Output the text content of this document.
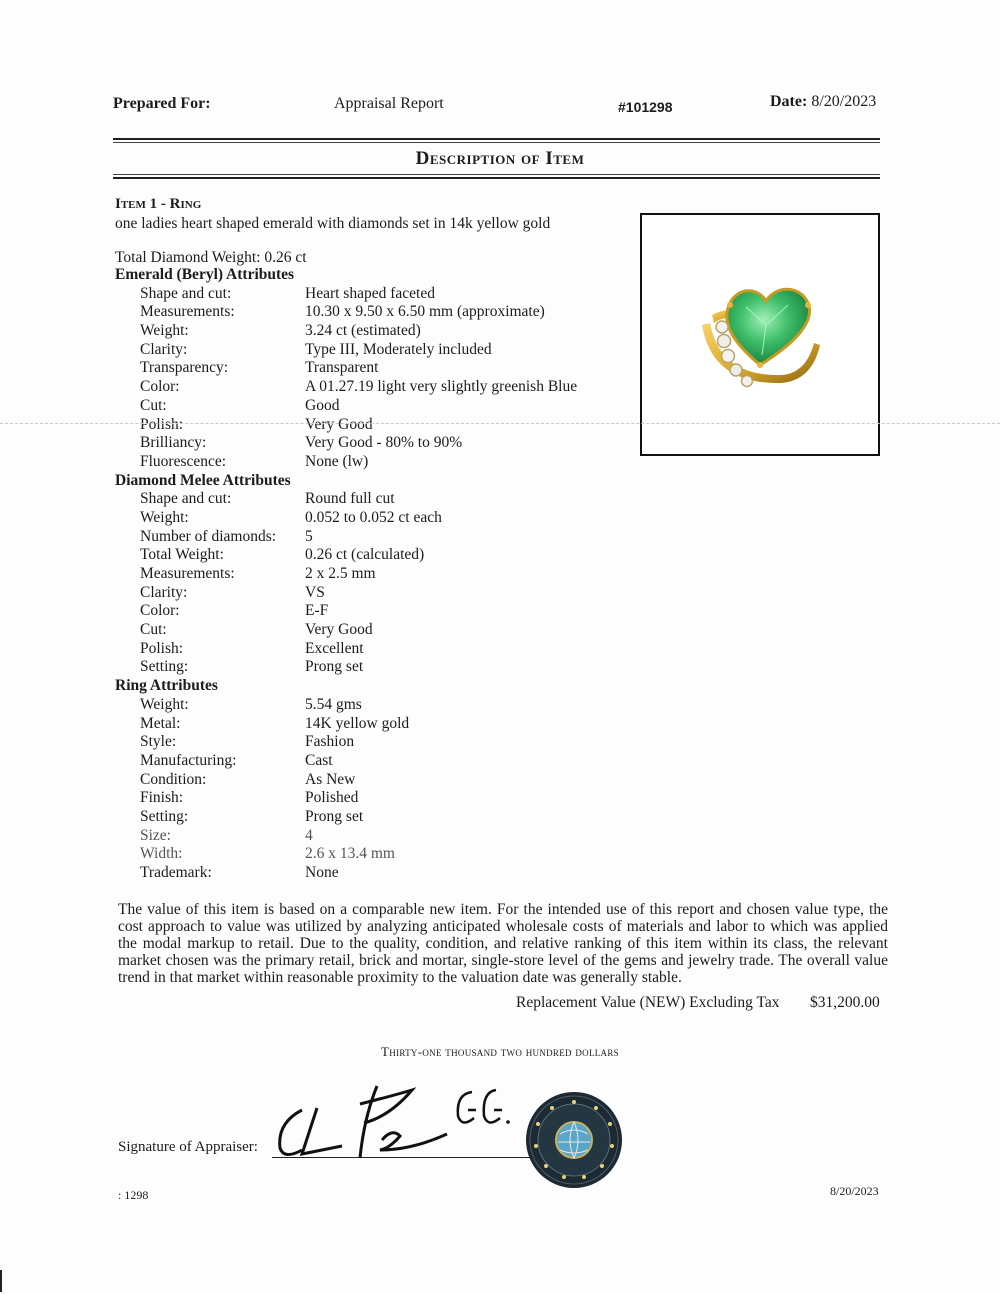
Prepared For:	Appraisal Report	#101298	Date: 8/20/2023
Description of Item
Item 1 - Ring
one ladies heart shaped emerald with diamonds set in 14k yellow gold
Total Diamond Weight: 0.26 ct
Emerald (Beryl) Attributes
Shape and cut:	Heart shaped faceted
Measurements:	10.30 x 9.50 x 6.50 mm (approximate)
Weight:	3.24 ct (estimated)
Clarity:	Type III, Moderately included
Transparency:	Transparent
Color:	A 01.27.19 light very slightly greenish Blue
Cut:	Good
Polish:	Very Good
Brilliancy:	Very Good - 80% to 90%
Fluorescence:	None (lw)
Diamond Melee Attributes
Shape and cut:	Round full cut
Weight:	0.052 to 0.052 ct each
Number of diamonds: 5
Total Weight:	0.26 ct (calculated)
Measurements:	2 x 2.5 mm
Clarity:	VS
Color:	E-F
Cut:	Very Good
Polish:	Excellent
Setting:	Prong set
Ring Attributes
Weight:	5.54 gms
Metal:	14K yellow gold
Style:	Fashion
Manufacturing:	Cast
Condition:	As New
Finish:	Polished
Setting:	Prong set
Size:	4
Width:	2.6 x 13.4 mm
Trademark:	None
The value of this item is based on a comparable new item. For the intended use of this report and chosen value type, the cost approach to value was utilized by analyzing anticipated wholesale costs of materials and labor to which was applied the modal markup to retail. Due to the quality, condition, and relative ranking of this item within its class, the relevant market chosen was the primary retail, brick and mortar, single-store level of the gems and jewelry trade. The overall value trend in that market within reasonable proximity to the valuation date was generally stable.
Replacement Value (NEW) Excluding Tax $31,200.00
Thirty-one thousand two hundred dollars
Signature of Appraiser:
C L Pe GG.
: 1298	8/20/2023
